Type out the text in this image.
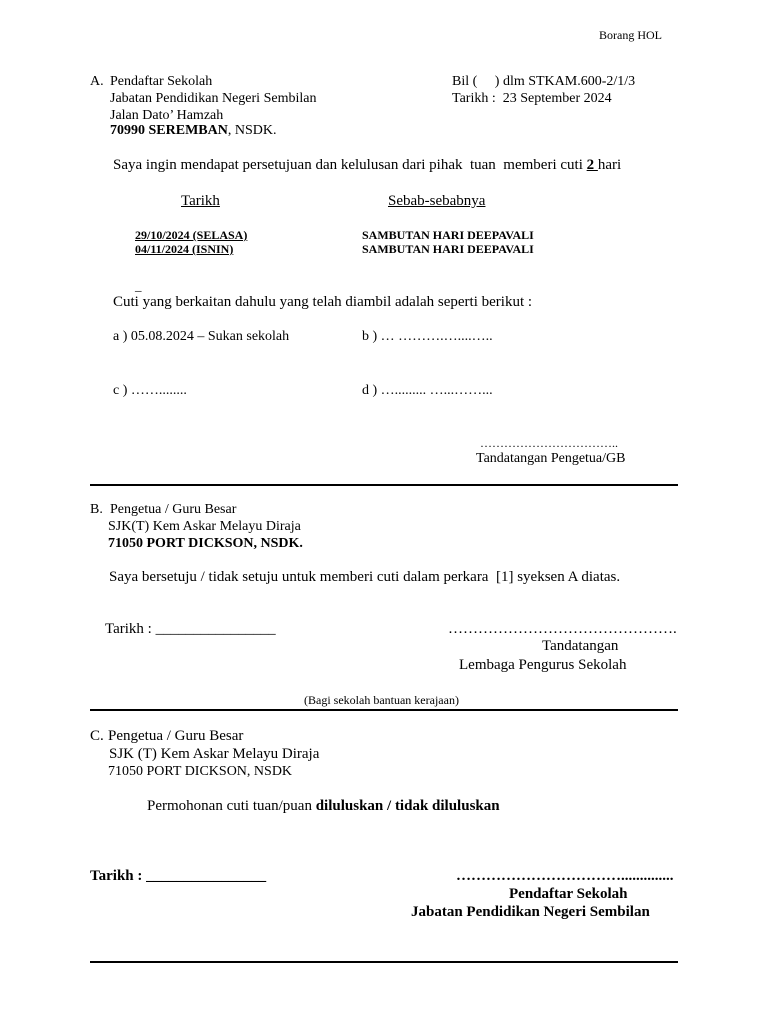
Borang HOL
A. Pendaftar Sekolah
Jabatan Pendidikan Negeri Sembilan
Jalan Dato’ Hamzah
70990 SEREMBAN, NSDK.
Bil (     ) dlm STKAM.600-2/1/3
Tarikh :  23 September 2024
Saya ingin mendapat persetujuan dan kelulusan dari pihak  tuan  memberi cuti 2 hari
Tarikh	Sebab-sebabnya
29/10/2024 (SELASA)	SAMBUTAN HARI DEEPAVALI
04/11/2024 (ISNIN)	SAMBUTAN HARI DEEPAVALI
_
Cuti yang berkaitan dahulu yang telah diambil adalah seperti berikut :
a ) 05.08.2024 – Sukan sekolah	b ) … ……….…....…..
c ) ……........	d ) …......... …...……...
……………………………..
Tandatangan Pengetua/GB
B. Pengetua / Guru Besar
SJK(T) Kem Askar Melayu Diraja
71050 PORT DICKSON, NSDK.
Saya bersetuju / tidak setuju untuk memberi cuti dalam perkara  [1] syeksen A diatas.
Tarikh : ________________	……………………………………….
Tandatangan
Lembaga Pengurus Sekolah
(Bagi sekolah bantuan kerajaan)
C. Pengetua / Guru Besar
SJK (T) Kem Askar Melayu Diraja
71050 PORT DICKSON, NSDK
Permohonan cuti tuan/puan diluluskan / tidak diluluskan
Tarikh : ________________	……………………………..............
Pendaftar Sekolah
Jabatan Pendidikan Negeri Sembilan
